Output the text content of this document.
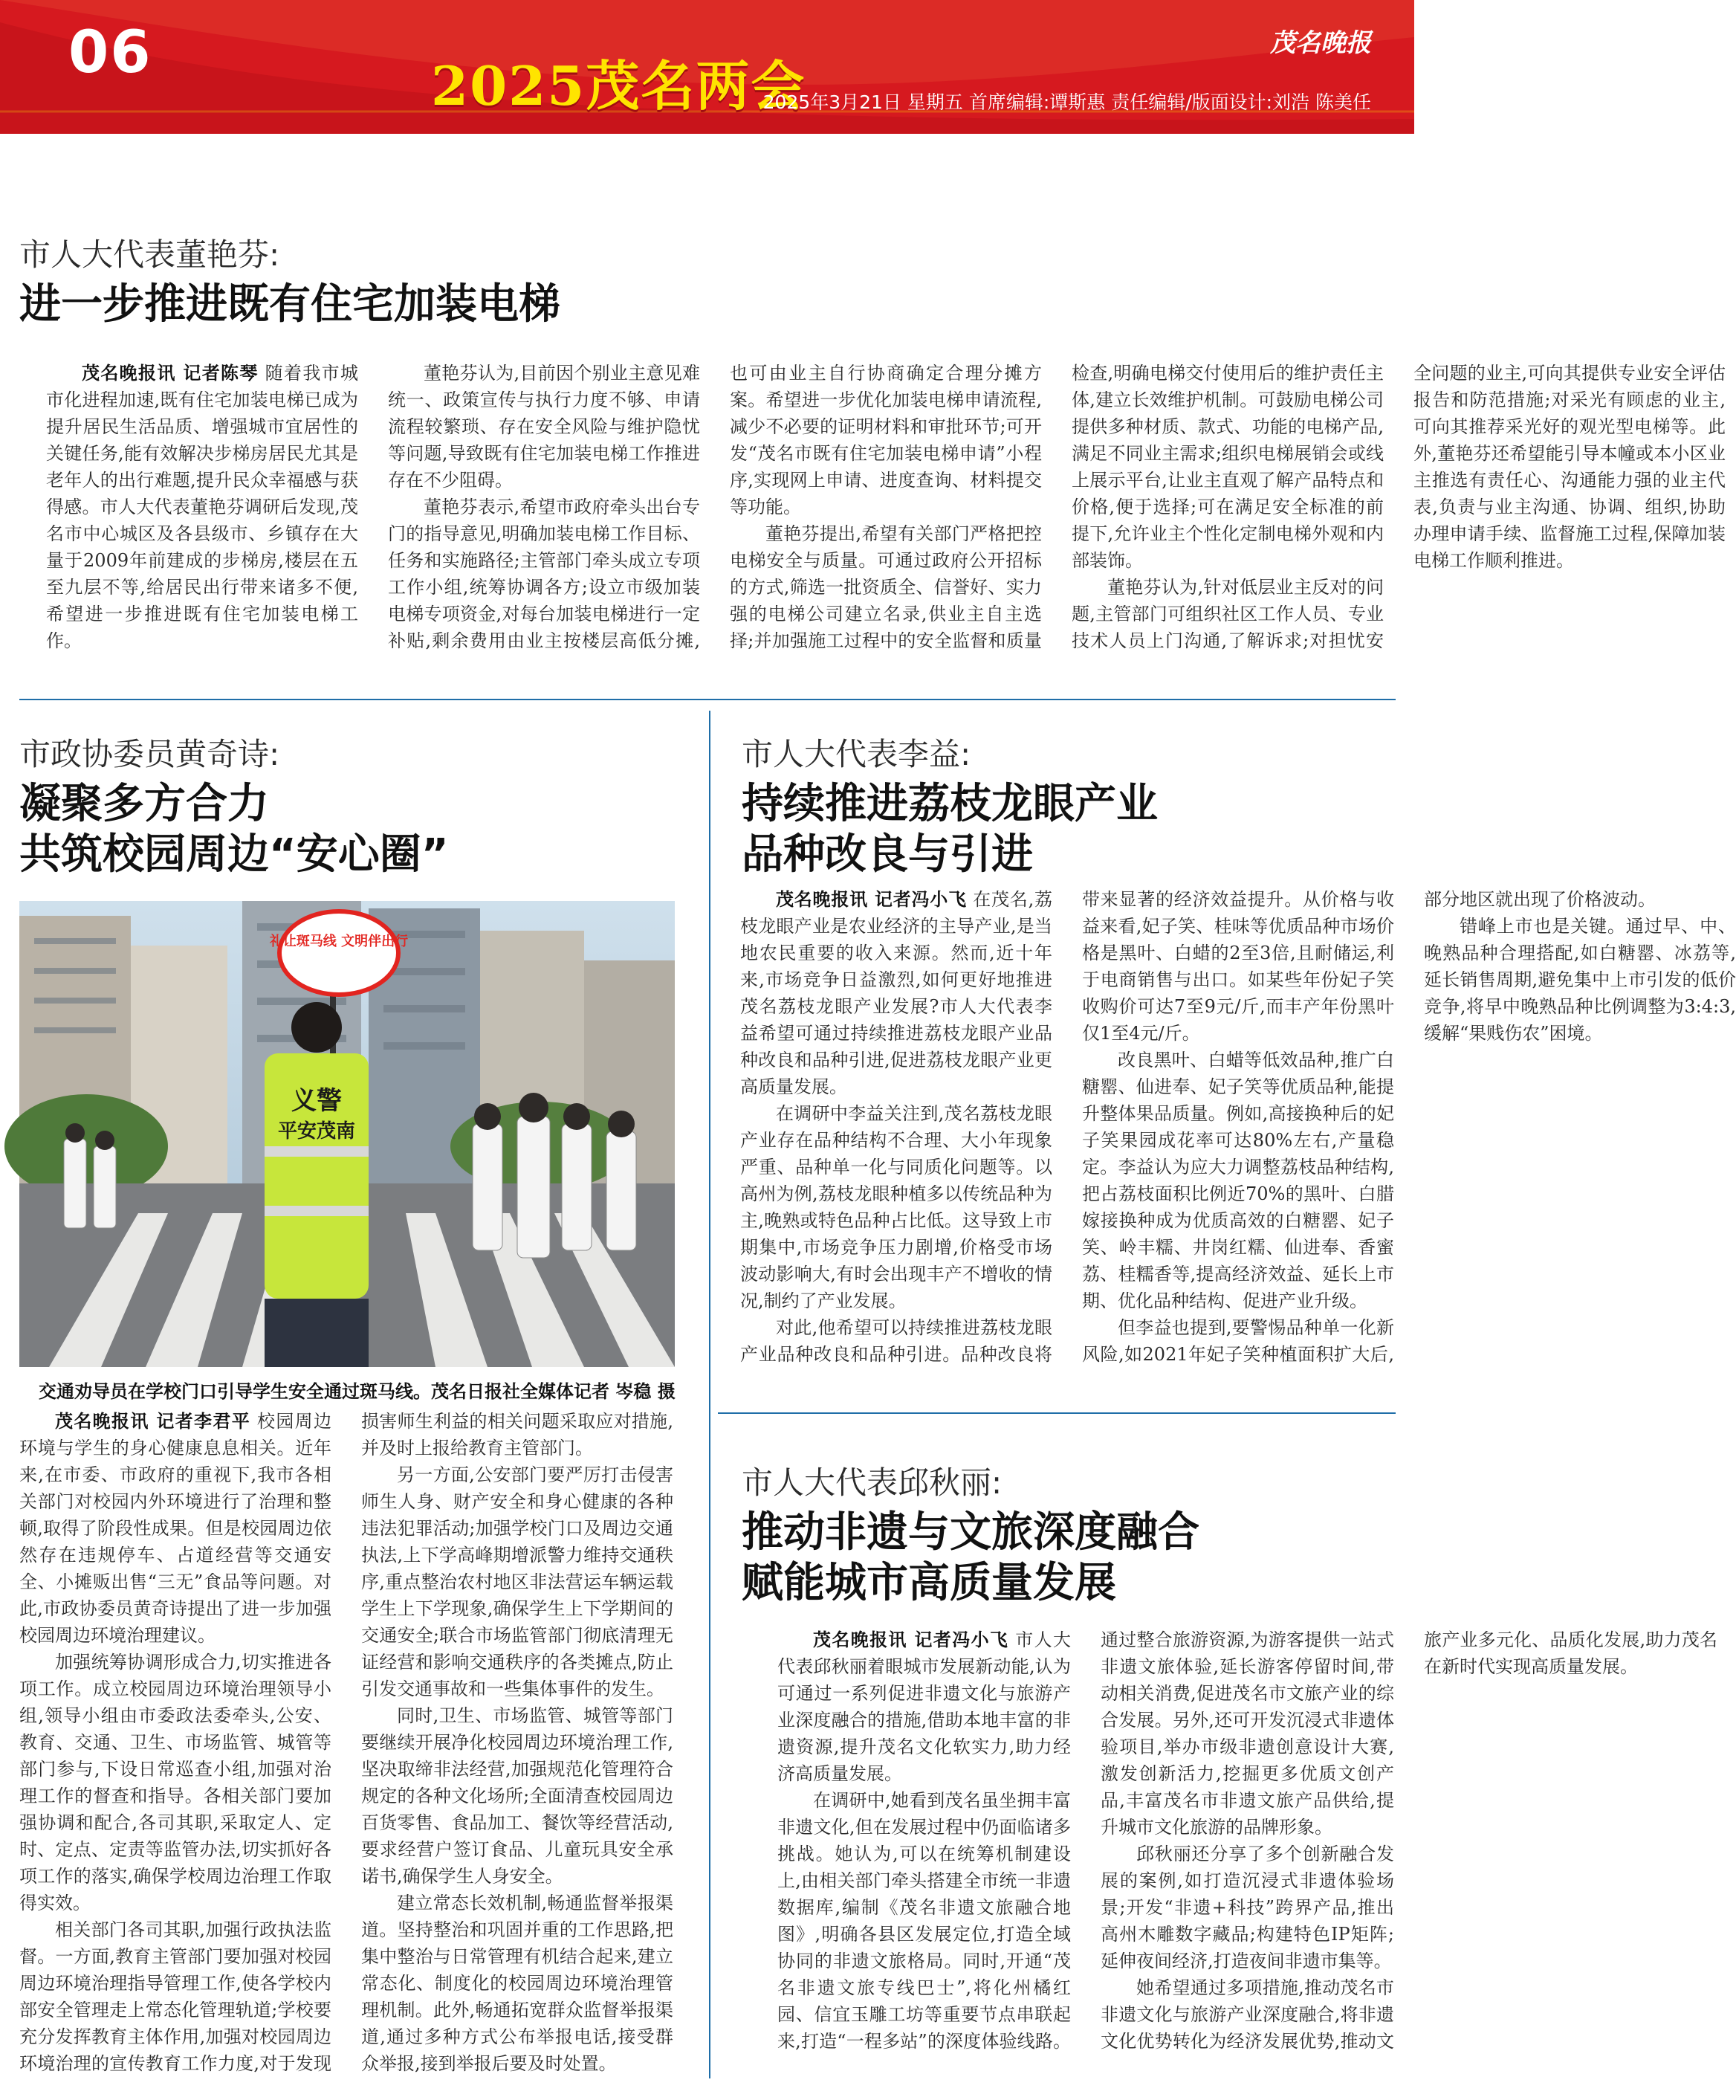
06	2025茂名两会
茂名晚报
2025年3月21日 星期五 首席编辑:谭斯惠 责任编辑/版面设计:刘浩 陈美任

市人大代表董艳芬:

进一步推进既有住宅加装电梯

茂名晚报讯 记者陈琴 随着我市城市化进程加速,既有住宅加装电梯已成为提升居民生活品质、增强城市宜居性的关键任务,能有效解决步梯房居民尤其是老年人的出行难题,提升民众幸福感与获得感。市人大代表董艳芬调研后发现,茂名市中心城区及各县级市、乡镇存在大量于2009年前建成的步梯房,楼层在五至九层不等,给居民出行带来诸多不便,希望进一步推进既有住宅加装电梯工作。

董艳芬认为,目前因个别业主意见难统一、政策宣传与执行力度不够、申请流程较繁琐、存在安全风险与维护隐忧等问题,导致既有住宅加装电梯工作推进存在不少阻碍。

董艳芬表示,希望市政府牵头出台专门的指导意见,明确加装电梯工作目标、任务和实施路径;主管部门牵头成立专项工作小组,统筹协调各方;设立市级加装电梯专项资金,对每台加装电梯进行一定补贴,剩余费用由业主按楼层高低分摊,也可由业主自行协商确定合理分摊方案。希望进一步优化加装电梯申请流程,减少不必要的证明材料和审批环节;可开发“茂名市既有住宅加装电梯申请”小程序,实现网上申请、进度查询、材料提交等功能。

董艳芬提出,希望有关部门严格把控电梯安全与质量。可通过政府公开招标的方式,筛选一批资质全、信誉好、实力强的电梯公司建立名录,供业主自主选择;并加强施工过程中的安全监督和质量检查,明确电梯交付使用后的维护责任主体,建立长效维护机制。可鼓励电梯公司提供多种材质、款式、功能的电梯产品,满足不同业主需求;组织电梯展销会或线上展示平台,让业主直观了解产品特点和价格,便于选择;可在满足安全标准的前提下,允许业主个性化定制电梯外观和内部装饰。

董艳芬认为,针对低层业主反对的问题,主管部门可组织社区工作人员、专业技术人员上门沟通,了解诉求;对担忧安全问题的业主,可向其提供专业安全评估报告和防范措施;对采光有顾虑的业主,可向其推荐采光好的观光型电梯等。此外,董艳芬还希望能引导本幢或本小区业主推选有责任心、沟通能力强的业主代表,负责与业主沟通、协调、组织,协助办理申请手续、监督施工过程,保障加装电梯工作顺利推进。

市政协委员黄奇诗:

凝聚多方合力
共筑校园周边“安心圈”
礼让斑马线 文明伴出行
义警
平安茂南
交通劝导员在学校门口引导学生安全通过斑马线。茂名日报社全媒体记者 岑稳 摄

茂名晚报讯 记者李君平 校园周边环境与学生的身心健康息息相关。近年来,在市委、市政府的重视下,我市各相关部门对校园内外环境进行了治理和整顿,取得了阶段性成果。但是校园周边依然存在违规停车、占道经营等交通安全、小摊贩出售“三无”食品等问题。对此,市政协委员黄奇诗提出了进一步加强校园周边环境治理建议。

加强统筹协调形成合力,切实推进各项工作。成立校园周边环境治理领导小组,领导小组由市委政法委牵头,公安、教育、交通、卫生、市场监管、城管等部门参与,下设日常巡查小组,加强对治理工作的督查和指导。各相关部门要加强协调和配合,各司其职,采取定人、定时、定点、定责等监管办法,切实抓好各项工作的落实,确保学校周边治理工作取得实效。

相关部门各司其职,加强行政执法监督。一方面,教育主管部门要加强对校园周边环境治理指导管理工作,使各学校内部安全管理走上常态化管理轨道;学校要充分发挥教育主体作用,加强对校园周边环境治理的宣传教育工作力度,对于发现损害师生利益的相关问题采取应对措施,并及时上报给教育主管部门。

另一方面,公安部门要严厉打击侵害师生人身、财产安全和身心健康的各种违法犯罪活动;加强学校门口及周边交通执法,上下学高峰期增派警力维持交通秩序,重点整治农村地区非法营运车辆运载学生上下学现象,确保学生上下学期间的交通安全;联合市场监管部门彻底清理无证经营和影响交通秩序的各类摊点,防止引发交通事故和一些集体事件的发生。

同时,卫生、市场监管、城管等部门要继续开展净化校园周边环境治理工作,坚决取缔非法经营,加强规范化管理符合规定的各种文化场所;全面清查校园周边百货零售、食品加工、餐饮等经营活动,要求经营户签订食品、儿童玩具安全承诺书,确保学生人身安全。

建立常态长效机制,畅通监督举报渠道。坚持整治和巩固并重的工作思路,把集中整治与日常管理有机结合起来,建立常态化、制度化的校园周边环境治理管理机制。此外,畅通拓宽群众监督举报渠道,通过多种方式公布举报电话,接受群众举报,接到举报后要及时处置。

市人大代表李益:

持续推进荔枝龙眼产业
品种改良与引进

茂名晚报讯 记者冯小飞 在茂名,荔枝龙眼产业是农业经济的主导产业,是当地农民重要的收入来源。然而,近十年来,市场竞争日益激烈,如何更好地推进茂名荔枝龙眼产业发展?市人大代表李益希望可通过持续推进荔枝龙眼产业品种改良和品种引进,促进荔枝龙眼产业更高质量发展。

在调研中李益关注到,茂名荔枝龙眼产业存在品种结构不合理、大小年现象严重、品种单一化与同质化问题等。以高州为例,荔枝龙眼种植多以传统品种为主,晚熟或特色品种占比低。这导致上市期集中,市场竞争压力剧增,价格受市场波动影响大,有时会出现丰产不增收的情况,制约了产业发展。

对此,他希望可以持续推进荔枝龙眼产业品种改良和品种引进。品种改良将带来显著的经济效益提升。从价格与收益来看,妃子笑、桂味等优质品种市场价格是黑叶、白蜡的2至3倍,且耐储运,利于电商销售与出口。如某些年份妃子笑收购价可达7至9元/斤,而丰产年份黑叶仅1至4元/斤。

改良黑叶、白蜡等低效品种,推广白糖罂、仙进奉、妃子笑等优质品种,能提升整体果品质量。例如,高接换种后的妃子笑果园成花率可达80%左右,产量稳定。李益认为应大力调整荔枝品种结构,把占荔枝面积比例近70%的黑叶、白腊嫁接换种成为优质高效的白糖罂、妃子笑、岭丰糯、井岗红糯、仙进奉、香蜜荔、桂糯香等,提高经济效益、延长上市期、优化品种结构、促进产业升级。

但李益也提到,要警惕品种单一化新风险,如2021年妃子笑种植面积扩大后,部分地区就出现了价格波动。

错峰上市也是关键。通过早、中、晚熟品种合理搭配,如白糖罂、冰荔等,延长销售周期,避免集中上市引发的低价竞争,将早中晚熟品种比例调整为3:4:3,缓解“果贱伤农”困境。

市人大代表邱秋丽:

推动非遗与文旅深度融合
赋能城市高质量发展

茂名晚报讯 记者冯小飞 市人大代表邱秋丽着眼城市发展新动能,认为可通过一系列促进非遗文化与旅游产业深度融合的措施,借助本地丰富的非遗资源,提升茂名文化软实力,助力经济高质量发展。

在调研中,她看到茂名虽坐拥丰富非遗文化,但在发展过程中仍面临诸多挑战。她认为,可以在统筹机制建设上,由相关部门牵头搭建全市统一非遗数据库,编制《茂名非遗文旅融合地图》,明确各县区发展定位,打造全域协同的非遗文旅格局。同时,开通“茂名非遗文旅专线巴士”,将化州橘红园、信宜玉雕工坊等重要节点串联起来,打造“一程多站”的深度体验线路。通过整合旅游资源,为游客提供一站式非遗文旅体验,延长游客停留时间,带动相关消费,促进茂名市文旅产业的综合发展。另外,还可开发沉浸式非遗体验项目,举办市级非遗创意设计大赛,激发创新活力,挖掘更多优质文创产品,丰富茂名市非遗文旅产品供给,提升城市文化旅游的品牌形象。

邱秋丽还分享了多个创新融合发展的案例,如打造沉浸式非遗体验场景;开发“非遗+科技”跨界产品,推出高州木雕数字藏品;构建特色IP矩阵;延伸夜间经济,打造夜间非遗市集等。

她希望通过多项措施,推动茂名市非遗文化与旅游产业深度融合,将非遗文化优势转化为经济发展优势,推动文旅产业多元化、品质化发展,助力茂名在新时代实现高质量发展。
